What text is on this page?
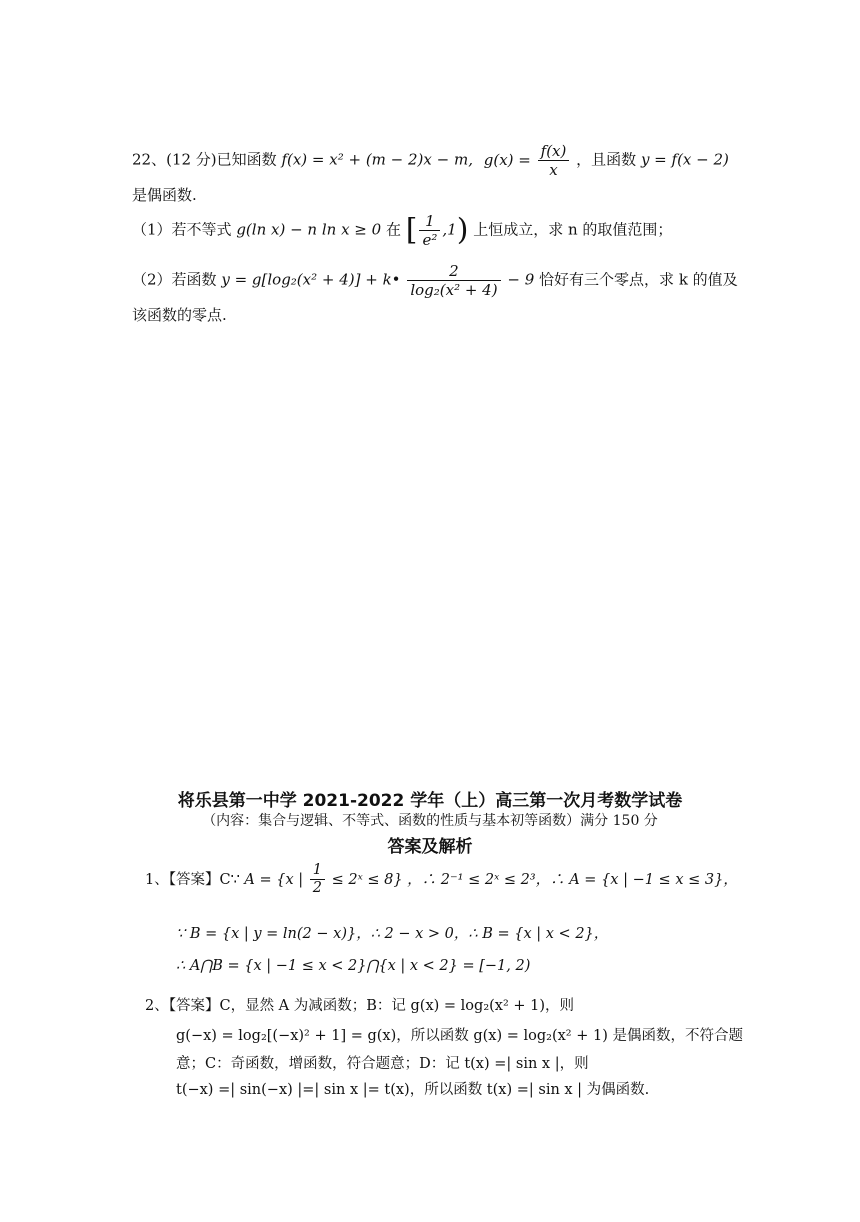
22、(12 分)已知函数 f(x) = x² + (m − 2)x − m, $g(x) = \frac{f(x)}{x}$ ，且函数 y = f(x − 2)
是偶函数.
（1）若不等式 g(ln x) − n ln x ≥ 0 在 [ $\frac{1}{\text{e²}} ,1$) 上恒成立，求 n 的取值范围；
（2）若函数 y = g[log₂(x² + 4)] + k• $\frac{2}{\text{log₂(x² + 4)}} - 9$ 恰好有三个零点，求 k 的值及
该函数的零点.
将乐县第一中学 2021-2022 学年（上）高三第一次月考数学试卷
（内容：集合与逻辑、不等式、函数的性质与基本初等函数）满分 150 分
答案及解析
1、【答案】C∵ A = {x | $\frac{1}{2}$ ≤ 2ˣ ≤ 8} ，∴ 2⁻¹ ≤ 2ˣ ≤ 2³，∴ A = {x | −1 ≤ x ≤ 3}，
∵ B = {x | y = ln(2 − x)}，∴ 2 − x > 0，∴ B = {x | x < 2}，
∴ A⋂B = {x | −1 ≤ x < 2}⋂{x | x < 2} = [−1, 2)
2、【答案】C，显然 A 为减函数；B：记 g(x) = log₂(x² + 1)，则
g(−x) = log₂[(−x)² + 1] = g(x)，所以函数 g(x) = log₂(x² + 1) 是偶函数，不符合题
意；C：奇函数，增函数，符合题意；D：记 t(x) =| sin x |，则
t(−x) =| sin(−x) |=| sin x |= t(x)，所以函数 t(x) =| sin x | 为偶函数.
